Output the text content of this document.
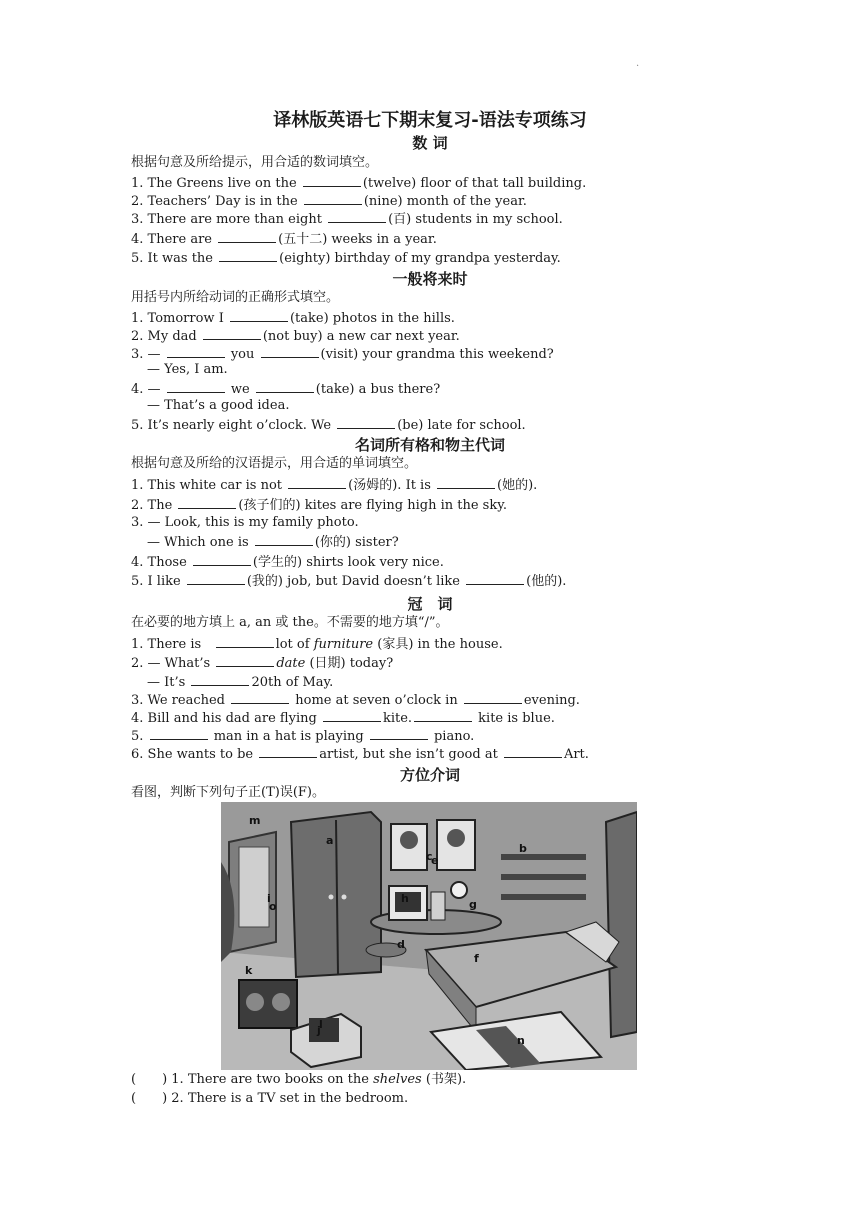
.
译林版英语七下期末复习-语法专项练习
数 词
根据句意及所给提示，用合适的数词填空。
1. The Greens live on the	(twelve) floor of that tall building.
2. Teachers’ Day is in the	(nine) month of the year.
3. There are more than eight	(百) students in my school.
4. There are	(五十二) weeks in a year.
5. It was the	(eighty) birthday of my grandpa yesterday.
一般将来时
用括号内所给动词的正确形式填空。
1. Tomorrow I	(take) photos in the hills.
2. My dad	(not buy) a new car next year.
3. —	you	(visit) your grandma this weekend?
— Yes, I am.
4. —	we	(take) a bus there?
— That’s a good idea.
5. It’s nearly eight o’clock. We	(be) late for school.
名词所有格和物主代词
根据句意及所给的汉语提示，用合适的单词填空。
1. This white car is not	(汤姆的). It is	(她的).
2. The	(孩子们的) kites are flying high in the sky.
3. — Look, this is my family photo.
— Which one is	(你的) sister?
4. Those	(学生的) shirts look very nice.
5. I like	(我的) job, but David doesn’t like	(他的).
冠　词
在必要的地方填上 a, an 或 the。不需要的地方填“/”。
1. There is	lot of furniture (家具) in the house.
2. — What’s	date (日期) today?
— It’s	20th of May.
3. We reached	home at seven o’clock in	evening.
4. Bill and his dad are flying	kite.	kite is blue.
5.	man in a hat is playing	piano.
6. She wants to be	artist, but she isn’t good at	Art.
方位介词
看图，判断下列句子正(T)误(F)。
a
b
c
d
e
f
g
h
i
j
k
l
m
n
o
( ) 1. There are two books on the shelves (书架).
( ) 2. There is a TV set in the bedroom.
